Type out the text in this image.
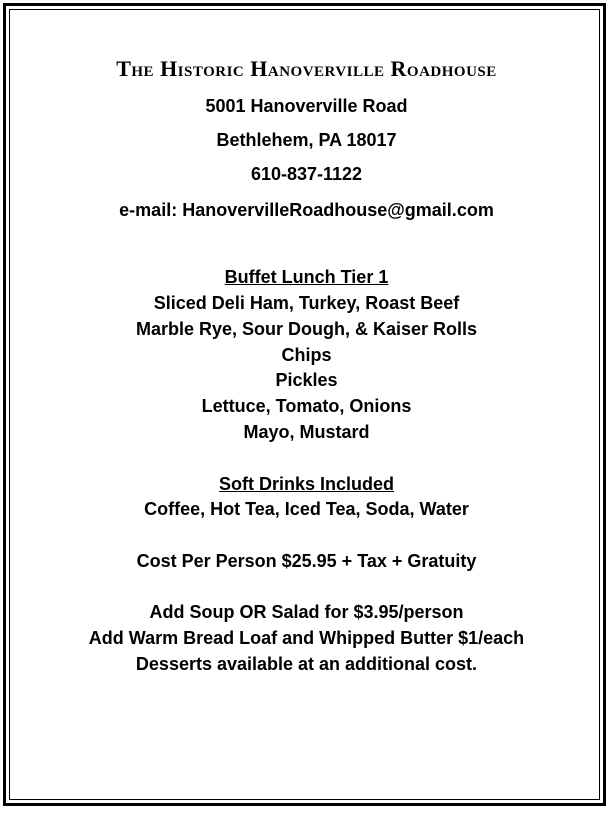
The Historic Hanoverville Roadhouse
5001 Hanoverville Road
Bethlehem, PA 18017
610-837-1122
e-mail: HanovervilleRoadhouse@gmail.com
Buffet Lunch Tier 1
Sliced Deli Ham, Turkey, Roast Beef
Marble Rye, Sour Dough, & Kaiser Rolls
Chips
Pickles
Lettuce, Tomato, Onions
Mayo, Mustard
Soft Drinks Included
Coffee, Hot Tea, Iced Tea, Soda, Water
Cost Per Person $25.95 + Tax + Gratuity
Add Soup OR Salad for $3.95/person
Add Warm Bread Loaf and Whipped Butter $1/each
Desserts available at an additional cost.
